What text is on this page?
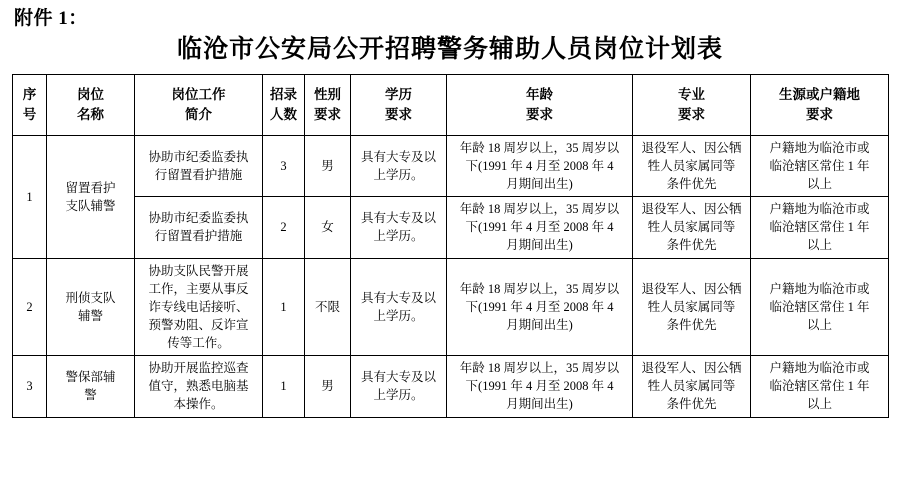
附件 1：
临沧市公安局公开招聘警务辅助人员岗位计划表
序
号	岗位
名称	岗位工作
简介	招录
人数	性别
要求	学历
要求	年龄
要求	专业
要求	生源或户籍地
要求

1	留置看护
支队辅警	协助市纪委监委执
行留置看护措施	3	男	具有大专及以
上学历。	年龄 18 周岁以上，35 周岁以
下(1991 年 4 月至 2008 年 4
月期间出生)	退役军人、因公牺
牲人员家属同等
条件优先	户籍地为临沧市或
临沧辖区常住 1 年
以上

		协助市纪委监委执
行留置看护措施	2	女	具有大专及以
上学历。	年龄 18 周岁以上，35 周岁以
下(1991 年 4 月至 2008 年 4
月期间出生)	退役军人、因公牺
牲人员家属同等
条件优先	户籍地为临沧市或
临沧辖区常住 1 年
以上

2	刑侦支队
辅警	协助支队民警开展
工作，主要从事反
诈专线电话接听、
预警劝阻、反诈宣
传等工作。	1	不限	具有大专及以
上学历。	年龄 18 周岁以上，35 周岁以
下(1991 年 4 月至 2008 年 4
月期间出生)	退役军人、因公牺
牲人员家属同等
条件优先	户籍地为临沧市或
临沧辖区常住 1 年
以上

3	警保部辅
警	协助开展监控巡查
值守，熟悉电脑基
本操作。	1	男	具有大专及以
上学历。	年龄 18 周岁以上，35 周岁以
下(1991 年 4 月至 2008 年 4
月期间出生)	退役军人、因公牺
牲人员家属同等
条件优先	户籍地为临沧市或
临沧辖区常住 1 年
以上
